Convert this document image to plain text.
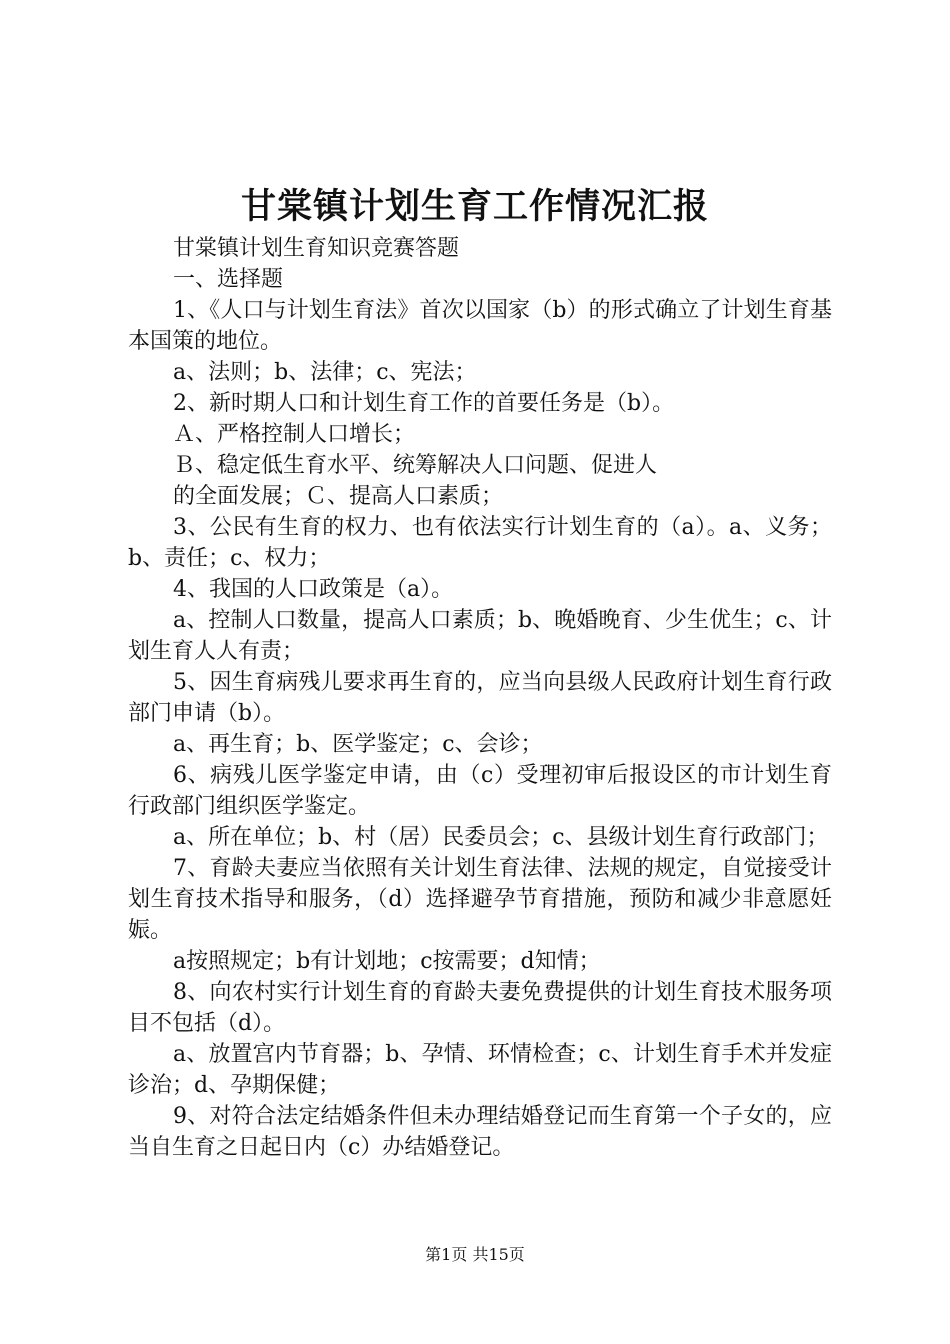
甘棠镇计划生育工作情况汇报

甘棠镇计划生育知识竞赛答题

一、选择题

1、《人口与计划生育法》首次以国家（b）的形式确立了计划生育基本国策的地位。

a、法则；b、法律；c、宪法；

2、新时期人口和计划生育工作的首要任务是（b）。

Ａ、严格控制人口增长；

Ｂ、稳定低生育水平、统筹解决人口问题、促进人

的全面发展；Ｃ、提高人口素质；

3、公民有生育的权力、也有依法实行计划生育的（a）。a、义务；b、责任；c、权力；

4、我国的人口政策是（a）。

a、控制人口数量，提高人口素质；b、晚婚晚育、少生优生；c、计划生育人人有责；

5、因生育病残儿要求再生育的，应当向县级人民政府计划生育行政部门申请（b）。

a、再生育；b、医学鉴定；c、会诊；

6、病残儿医学鉴定申请，由（c）受理初审后报设区的市计划生育行政部门组织医学鉴定。

a、所在单位；b、村（居）民委员会；c、县级计划生育行政部门；

7、育龄夫妻应当依照有关计划生育法律、法规的规定，自觉接受计划生育技术指导和服务，（d）选择避孕节育措施，预防和减少非意愿妊娠。

a按照规定；b有计划地；c按需要；d知情；

8、向农村实行计划生育的育龄夫妻免费提供的计划生育技术服务项目不包括（d）。

a、放置宫内节育器；b、孕情、环情检查；c、计划生育手术并发症诊治；d、孕期保健；

9、对符合法定结婚条件但未办理结婚登记而生育第一个子女的，应当自生育之日起日内（c）办结婚登记。

第1页 共15页
